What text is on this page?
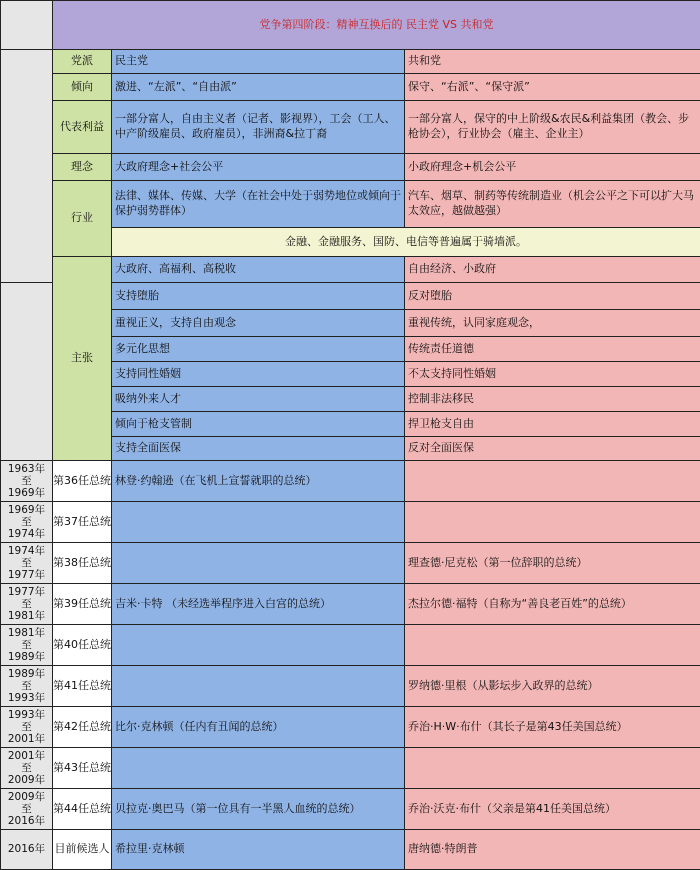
	党争第四阶段：精神互换后的 民主党 VS 共和党		
	党派	民主党	共和党
	倾向	激进、“左派”、“自由派”	保守、“右派”、“保守派”
	代表利益	一部分富人，自由主义者（记者、影视界），工会（工人、中产阶级雇员、政府雇员），非洲裔&拉丁裔	一部分富人，保守的中上阶级&农民&利益集团（教会、步枪协会），行业协会（雇主、企业主）
	理念	大政府理念+社会公平	小政府理念+机会公平
	行业	法律、媒体、传媒、大学（在社会中处于弱势地位或倾向于保护弱势群体）	汽车、烟草、制药等传统制造业（机会公平之下可以扩大马太效应，越做越强）
		金融、金融服务、国防、电信等普遍属于骑墙派。	
	主张	大政府、高福利、高税收	自由经济、小政府
		支持堕胎	反对堕胎
		重视正义，支持自由观念	重视传统，认同家庭观念，
		多元化思想	传统责任道德
		支持同性婚姻	不太支持同性婚姻
		吸纳外来人才	控制非法移民
		倾向于枪支管制	捍卫枪支自由
		支持全面医保	反对全面医保
1963年
至
1969年	第36任总统	林登·约翰逊（在飞机上宣誓就职的总统）	
1969年
至
1974年	第37任总统		
1974年
至
1977年	第38任总统		理查德·尼克松（第一位辞职的总统）
1977年
至
1981年	第39任总统	吉米·卡特 （未经选举程序进入白宫的总统）	杰拉尔德·福特（自称为“善良老百姓”的总统）
1981年
至
1989年	第40任总统		
1989年
至
1993年	第41任总统		罗纳德·里根（从影坛步入政界的总统）
1993年
至
2001年	第42任总统	比尔·克林顿（任内有丑闻的总统）	乔治·H·W·布什（其长子是第43任美国总统）
2001年
至
2009年	第43任总统		
2009年
至
2016年	第44任总统	贝拉克·奥巴马（第一位具有一半黑人血统的总统）	乔治·沃克·布什（父亲是第41任美国总统）
2016年	目前候选人	希拉里·克林顿	唐纳德·特朗普
